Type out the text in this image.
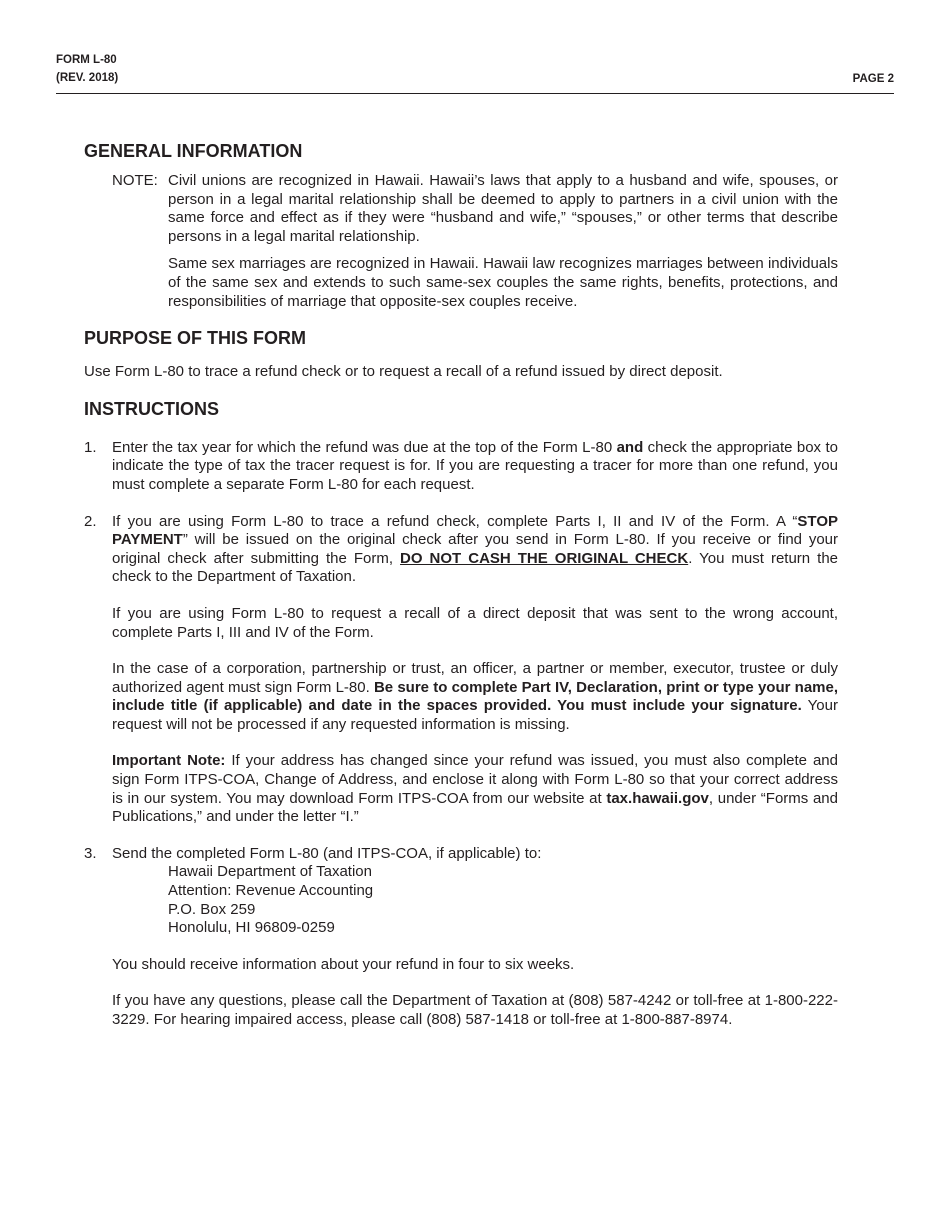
FORM L-80
(REV. 2018)	PAGE 2
GENERAL INFORMATION
NOTE: Civil unions are recognized in Hawaii. Hawaii’s laws that apply to a husband and wife, spouses, or person in a legal marital relationship shall be deemed to apply to partners in a civil union with the same force and effect as if they were “husband and wife,” “spouses,” or other terms that describe persons in a legal marital relationship.

Same sex marriages are recognized in Hawaii. Hawaii law recognizes marriages between individuals of the same sex and extends to such same-sex couples the same rights, benefits, protections, and responsibilities of marriage that opposite-sex couples receive.

PURPOSE OF THIS FORM

Use Form L-80 to trace a refund check or to request a recall of a refund issued by direct deposit.

INSTRUCTIONS
1. Enter the tax year for which the refund was due at the top of the Form L-80 and check the appropriate box to indicate the type of tax the tracer request is for. If you are requesting a tracer for more than one refund, you must complete a separate Form L-80 for each request.

2. If you are using Form L-80 to trace a refund check, complete Parts I, II and IV of the Form. A “STOP PAYMENT” will be issued on the original check after you send in Form L-80. If you receive or find your original check after submitting the Form, DO NOT CASH THE ORIGINAL CHECK. You must return the check to the Department of Taxation.

If you are using Form L-80 to request a recall of a direct deposit that was sent to the wrong account, complete Parts I, III and IV of the Form.

In the case of a corporation, partnership or trust, an officer, a partner or member, executor, trustee or duly authorized agent must sign Form L-80. Be sure to complete Part IV, Declaration, print or type your name, include title (if applicable) and date in the spaces provided. You must include your signature. Your request will not be processed if any requested information is missing.

Important Note: If your address has changed since your refund was issued, you must also complete and sign Form ITPS-COA, Change of Address, and enclose it along with Form L-80 so that your correct address is in our system. You may download Form ITPS-COA from our website at tax.hawaii.gov, under “Forms and Publications,” and under the letter “I.”

3. Send the completed Form L-80 (and ITPS-COA, if applicable) to:

Hawaii Department of Taxation
Attention: Revenue Accounting
P.O. Box 259
Honolulu, HI 96809-0259

You should receive information about your refund in four to six weeks.

If you have any questions, please call the Department of Taxation at (808) 587-4242 or toll-free at 1-800-222-3229. For hearing impaired access, please call (808) 587-1418 or toll-free at 1-800-887-8974.
